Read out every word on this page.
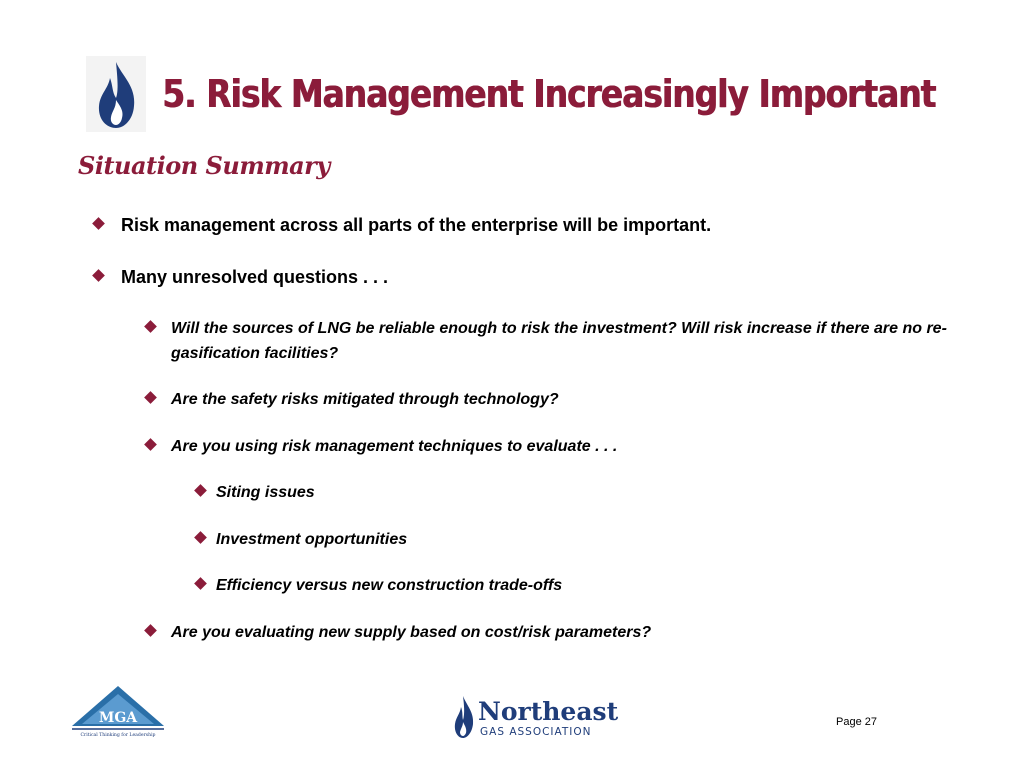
5. Risk Management Increasingly Important
Situation Summary
Risk management across all parts of the enterprise will be important.
Many unresolved questions . . .
Will the sources of LNG be reliable enough to risk the investment? Will risk increase if there are no re-gasification facilities?
Are the safety risks mitigated through technology?
Are you using risk management techniques to evaluate . . .
Siting issues
Investment opportunities
Efficiency versus new construction trade-offs
Are you evaluating new supply based on cost/risk parameters?
MGA
Critical Thinking for Leadership
Northeast
GAS ASSOCIATION
Page 27
